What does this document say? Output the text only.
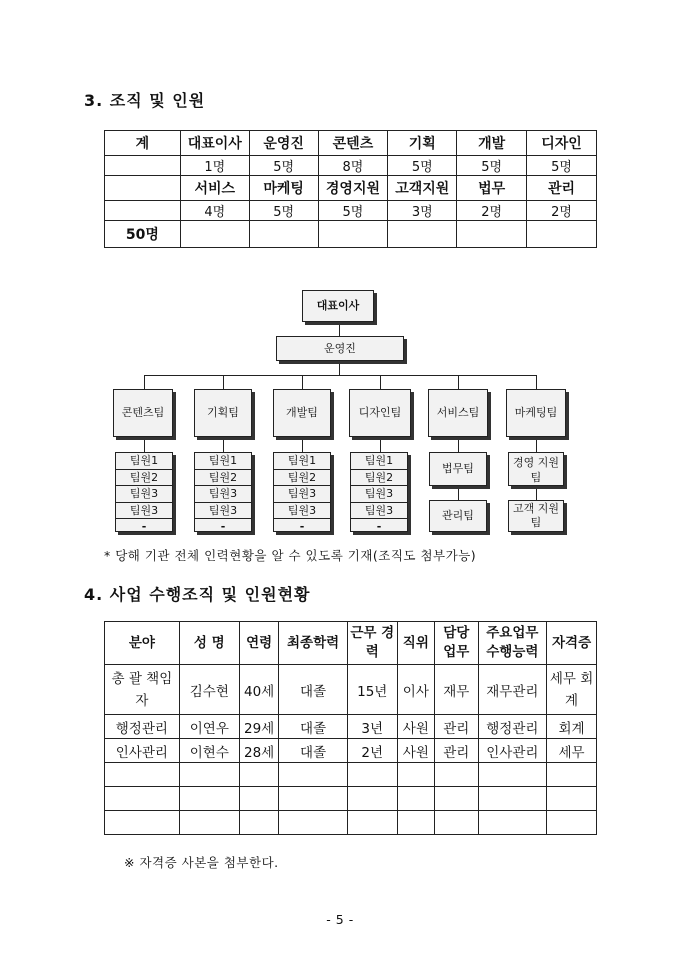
3. 조직 및 인원
계	대표이사	운영진	콘텐츠	기획	개발	디자인
	1명	5명	8명	5명	5명	5명
	서비스	마케팅	경영지원	고객지원	법무	관리
	4명	5명	5명	3명	2명	2명
50명						
대표이사
운영진
콘텐츠팀	기획팀	개발팀	디자인팀	서비스팀	마케팅팀
팀원1
팀원2
팀원3
팀원3
-
팀원1
팀원2
팀원3
팀원3
-
팀원1
팀원2
팀원3
팀원3
-
팀원1
팀원2
팀원3
팀원3
-
법무팀
관리팀
경영 지원팀
고객 지원팀
* 당해 기관 전체 인력현황을 알 수 있도록 기재(조직도 첨부가능)
4. 사업 수행조직 및 인원현황
분야	성 명	연령	최종학력	근무 경력	직위	담당 업무	주요업무 수행능력	자격증
총 괄 책임자	김수현	40세	대졸	15년	이사	재무	재무관리	세무 회계
행정관리	이연우	29세	대졸	3년	사원	관리	행정관리	회계
인사관리	이현수	28세	대졸	2년	사원	관리	인사관리	세무

※ 자격증 사본을 첨부한다.
- 5 -
